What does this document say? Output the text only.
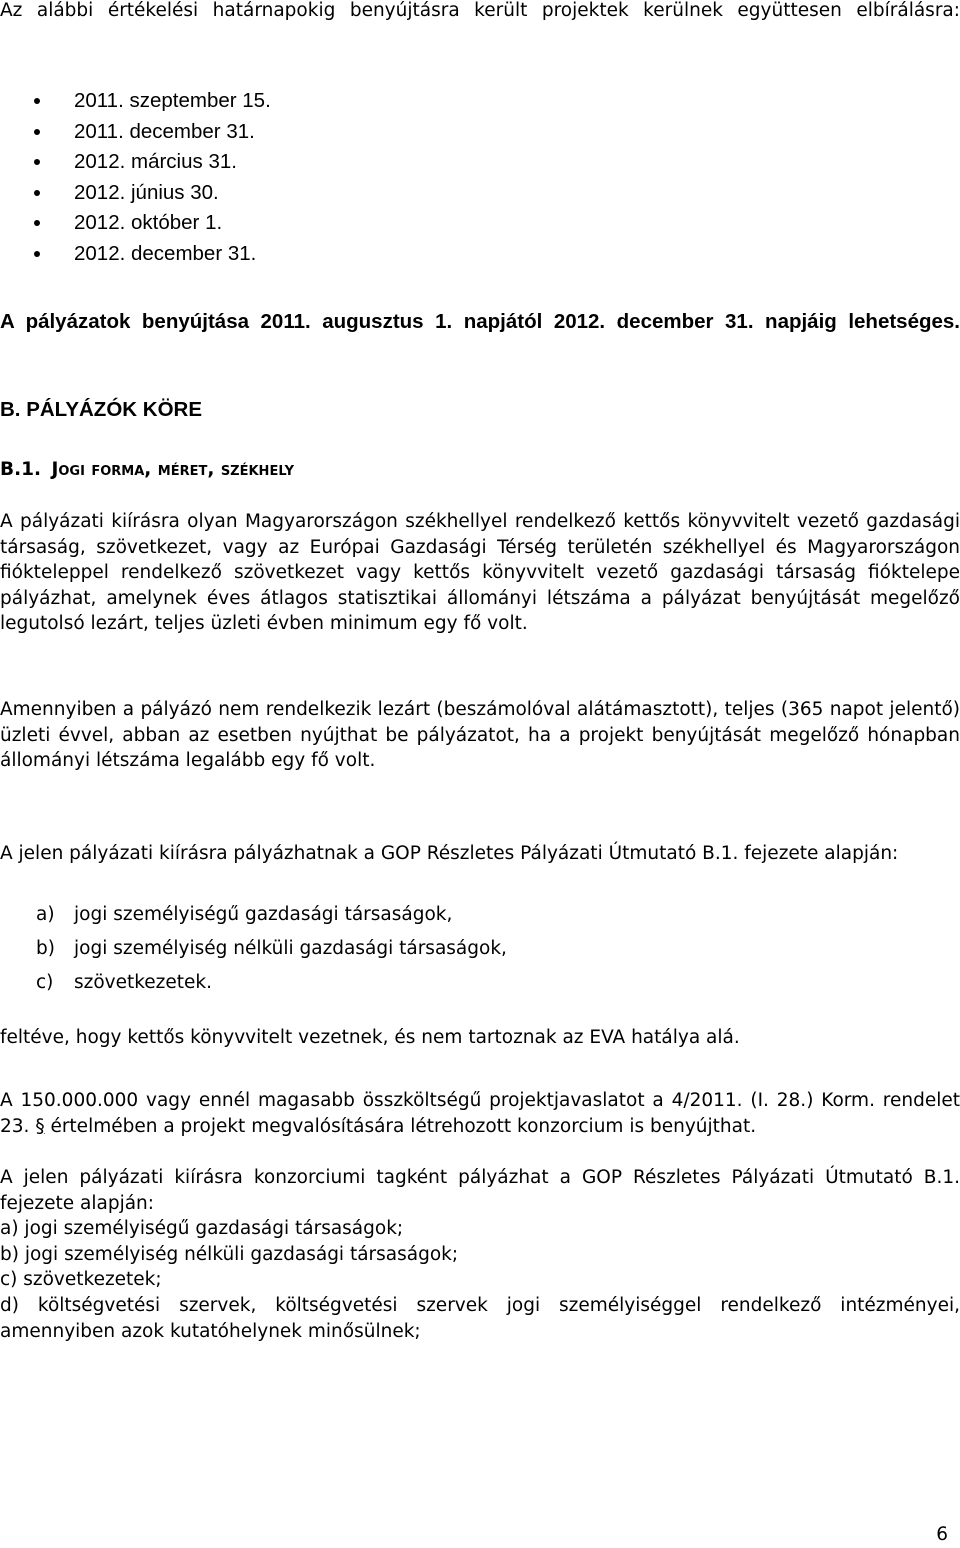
Az alábbi értékelési határnapokig benyújtásra került projektek kerülnek együttesen elbírálásra:

2011. szeptember 15.
2011. december 31.
2012. március 31.
2012. június 30.
2012. október 1.
2012. december 31.

A pályázatok benyújtása 2011. augusztus 1. napjától 2012. december 31. napjáig lehetséges.

B. PÁLYÁZÓK KÖRE

B.1. Jogi forma, méret, székhely

A pályázati kiírásra olyan Magyarországon székhellyel rendelkező kettős könyvvitelt vezető gazdasági társaság, szövetkezet, vagy az Európai Gazdasági Térség területén székhellyel és Magyarországon fiókteleppel rendelkező szövetkezet vagy kettős könyvvitelt vezető gazdasági társaság fióktelepe pályázhat, amelynek éves átlagos statisztikai állományi létszáma a pályázat benyújtását megelőző legutolsó lezárt, teljes üzleti évben minimum egy fő volt.

Amennyiben a pályázó nem rendelkezik lezárt (beszámolóval alátámasztott), teljes (365 napot jelentő) üzleti évvel, abban az esetben nyújthat be pályázatot, ha a projekt benyújtását megelőző hónapban állományi létszáma legalább egy fő volt.

A jelen pályázati kiírásra pályázhatnak a GOP Részletes Pályázati Útmutató B.1. fejezete alapján:

a) jogi személyiségű gazdasági társaságok,
b) jogi személyiség nélküli gazdasági társaságok,
c) szövetkezetek.

feltéve, hogy kettős könyvvitelt vezetnek, és nem tartoznak az EVA hatálya alá.

A 150.000.000 vagy ennél magasabb összköltségű projektjavaslatot a 4/2011. (I. 28.) Korm. rendelet 23. § értelmében a projekt megvalósítására létrehozott konzorcium is benyújthat.

A jelen pályázati kiírásra konzorciumi tagként pályázhat a GOP Részletes Pályázati Útmutató B.1. fejezete alapján:

a) jogi személyiségű gazdasági társaságok;
b) jogi személyiség nélküli gazdasági társaságok;
c) szövetkezetek;

d) költségvetési szervek, költségvetési szervek jogi személyiséggel rendelkező intézményei, amennyiben azok kutatóhelynek minősülnek;

6
